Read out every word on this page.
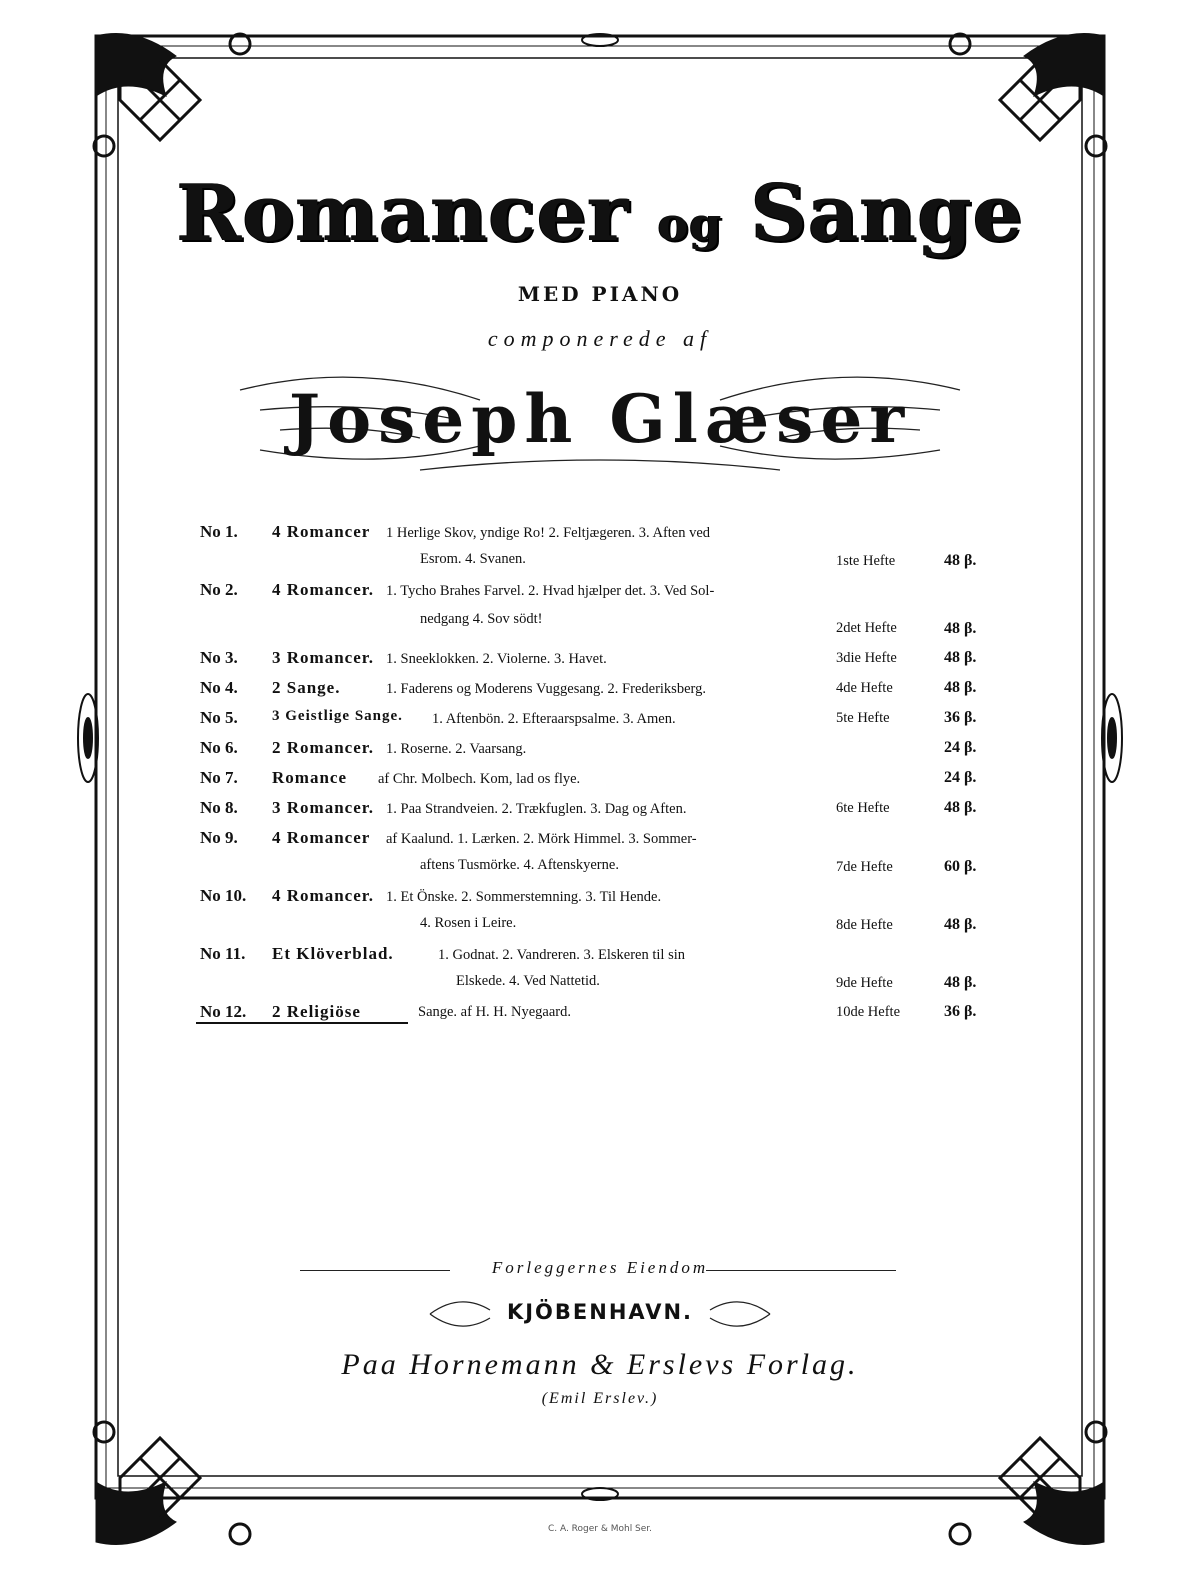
Romancer og Sange
MED PIANO
componerede af
Joseph Glæser
No 1. 4 Romancer 1 Herlige Skov, yndige Ro! 2. Feltjægeren. 3. Aften ved
Esrom. 4. Svanen.	1ste Hefte	48 β.
No 2. 4 Romancer. 1. Tycho Brahes Farvel. 2. Hvad hjælper det. 3. Ved Sol-
nedgang 4. Sov södt!
2det Hefte	48 β.
No 3. 3 Romancer. 1. Sneeklokken. 2. Violerne. 3. Havet.	3die Hefte	48 β.
No 4. 2 Sange.	1. Faderens og Moderens Vuggesang. 2. Frederiksberg.	4de Hefte	48 β.
No 5. 3 Geistlige Sange. 1. Aftenbön. 2. Efteraarspsalme. 3. Amen.	5te Hefte	36 β.
No 6. 2 Romancer. 1. Roserne. 2. Vaarsang.	24 β.
No 7. Romance af Chr. Molbech. Kom, lad os flye.	24 β.
No 8. 3 Romancer. 1. Paa Strandveien. 2. Trækfuglen. 3. Dag og Aften.	6te Hefte	48 β.
No 9. 4 Romancer af Kaalund. 1. Lærken. 2. Mörk Himmel. 3. Sommer-
aftens Tusmörke. 4. Aftenskyerne.	7de Hefte	60 β.
No 10. 4 Romancer. 1. Et Önske. 2. Sommerstemning. 3. Til Hende.
4. Rosen i Leire.	8de Hefte	48 β.
No 11. Et Klöverblad.	1. Godnat. 2. Vandreren. 3. Elskeren til sin
Elskede. 4. Ved Nattetid.	9de Hefte	48 β.
No 12. 2 Religiöse	Sange. af H. H. Nyegaard.	10de Hefte	36 β.
Forleggernes Eiendom
KJÖBENHAVN.
Paa Hornemann & Erslevs Forlag.
(Emil Erslev.)
C. A. Roger & Mohl Ser.
